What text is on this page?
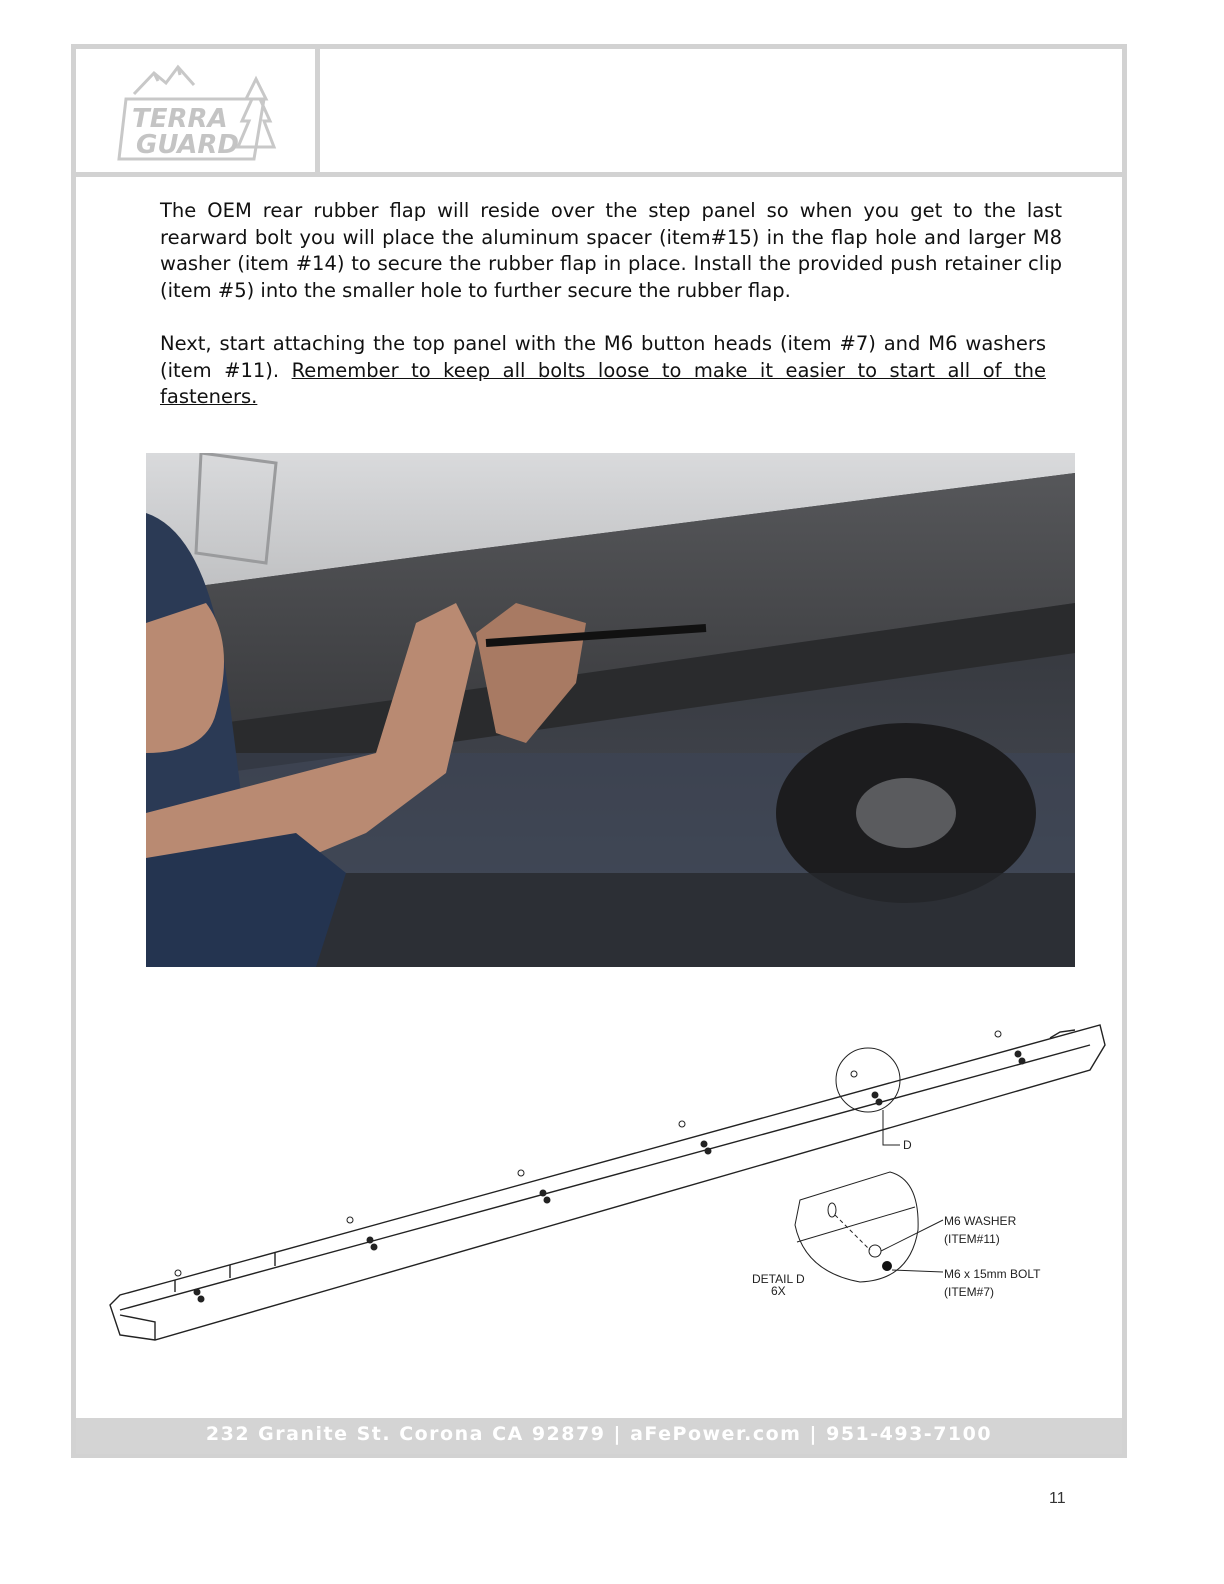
TERRA
GUARD
The OEM rear rubber flap will reside over the step panel so when you get to the last rearward bolt you will place the aluminum spacer (item#15) in the flap hole and larger M8 washer (item #14) to secure the rubber flap in place. Install the provided push retainer clip (item #5) into the smaller hole to further secure the rubber flap.
Next, start attaching the top panel with the M6 button heads (item #7) and M6 washers (item #11). Remember to keep all bolts loose to make it easier to start all of the fasteners.
D
M6 WASHER
(ITEM#11)
M6 x 15mm BOLT
(ITEM#7)
DETAIL D
6X
232 Granite St. Corona CA 92879 | aFePower.com | 951-493-7100
11
